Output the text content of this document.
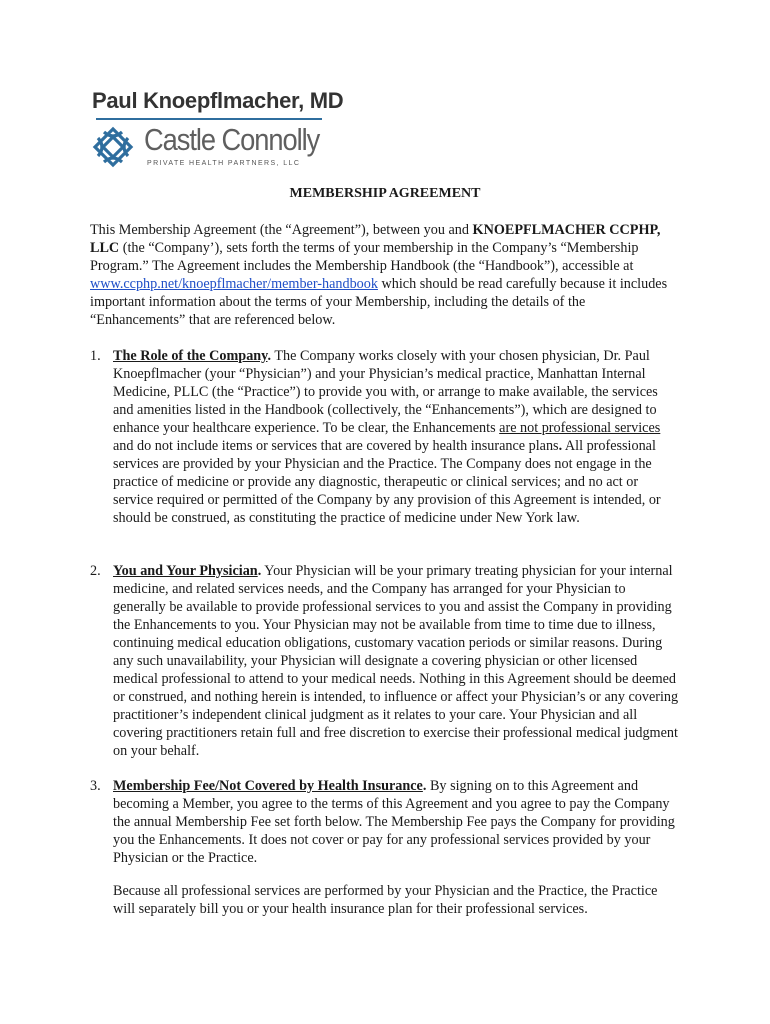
Paul Knoepflmacher, MD
Castle Connolly
PRIVATE HEALTH PARTNERS, LLC
MEMBERSHIP AGREEMENT
This Membership Agreement (the “Agreement”), between you and KNOEPFLMACHER CCPHP, LLC (the “Company’), sets forth the terms of your membership in the Company’s “Membership Program.” The Agreement includes the Membership Handbook (the “Handbook”), accessible at www.ccphp.net/knoepflmacher/member-handbook which should be read carefully because it includes important information about the terms of your Membership, including the details of the “Enhancements” that are referenced below.
1. The Role of the Company. The Company works closely with your chosen physician, Dr. Paul Knoepflmacher (your “Physician”) and your Physician’s medical practice, Manhattan Internal Medicine, PLLC (the “Practice”) to provide you with, or arrange to make available, the services and amenities listed in the Handbook (collectively, the “Enhancements”), which are designed to enhance your healthcare experience. To be clear, the Enhancements are not professional services and do not include items or services that are covered by health insurance plans. All professional services are provided by your Physician and the Practice. The Company does not engage in the practice of medicine or provide any diagnostic, therapeutic or clinical services; and no act or service required or permitted of the Company by any provision of this Agreement is intended, or should be construed, as constituting the practice of medicine under New York law.
2. You and Your Physician. Your Physician will be your primary treating physician for your internal medicine, and related services needs, and the Company has arranged for your Physician to generally be available to provide professional services to you and assist the Company in providing the Enhancements to you. Your Physician may not be available from time to time due to illness, continuing medical education obligations, customary vacation periods or similar reasons. During any such unavailability, your Physician will designate a covering physician or other licensed medical professional to attend to your medical needs. Nothing in this Agreement should be deemed or construed, and nothing herein is intended, to influence or affect your Physician’s or any covering practitioner’s independent clinical judgment as it relates to your care. Your Physician and all covering practitioners retain full and free discretion to exercise their professional medical judgment on your behalf.
3. Membership Fee/Not Covered by Health Insurance. By signing on to this Agreement and becoming a Member, you agree to the terms of this Agreement and you agree to pay the Company the annual Membership Fee set forth below. The Membership Fee pays the Company for providing you the Enhancements. It does not cover or pay for any professional services provided by your Physician or the Practice.
Because all professional services are performed by your Physician and the Practice, the Practice will separately bill you or your health insurance plan for their professional services.
